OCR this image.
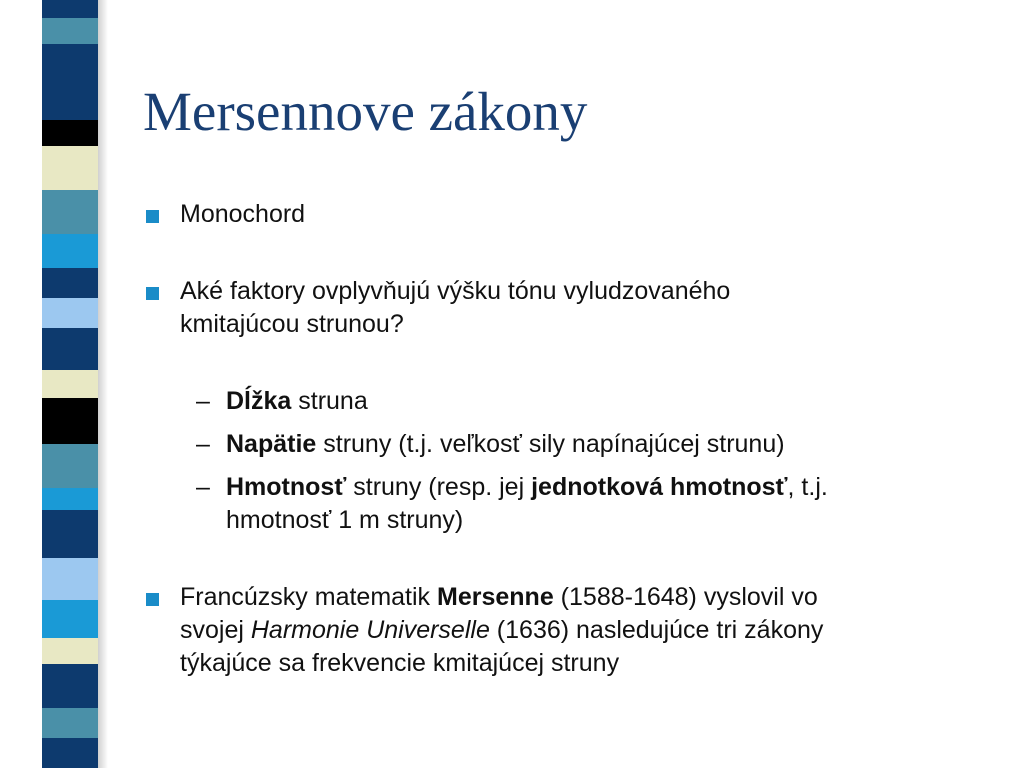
Mersennove zákony
Monochord
Aké faktory ovplyvňujú výšku tónu vyludzovaného
kmitajúcou strunou?
– Dĺžka struna
– Napätie struny (t.j. veľkosť sily napínajúcej strunu)
– Hmotnosť struny (resp. jej jednotková hmotnosť, t.j.
hmotnosť 1 m struny)
Francúzsky matematik Mersenne (1588-1648) vyslovil vo
svojej Harmonie Universelle (1636) nasledujúce tri zákony
týkajúce sa frekvencie kmitajúcej struny
